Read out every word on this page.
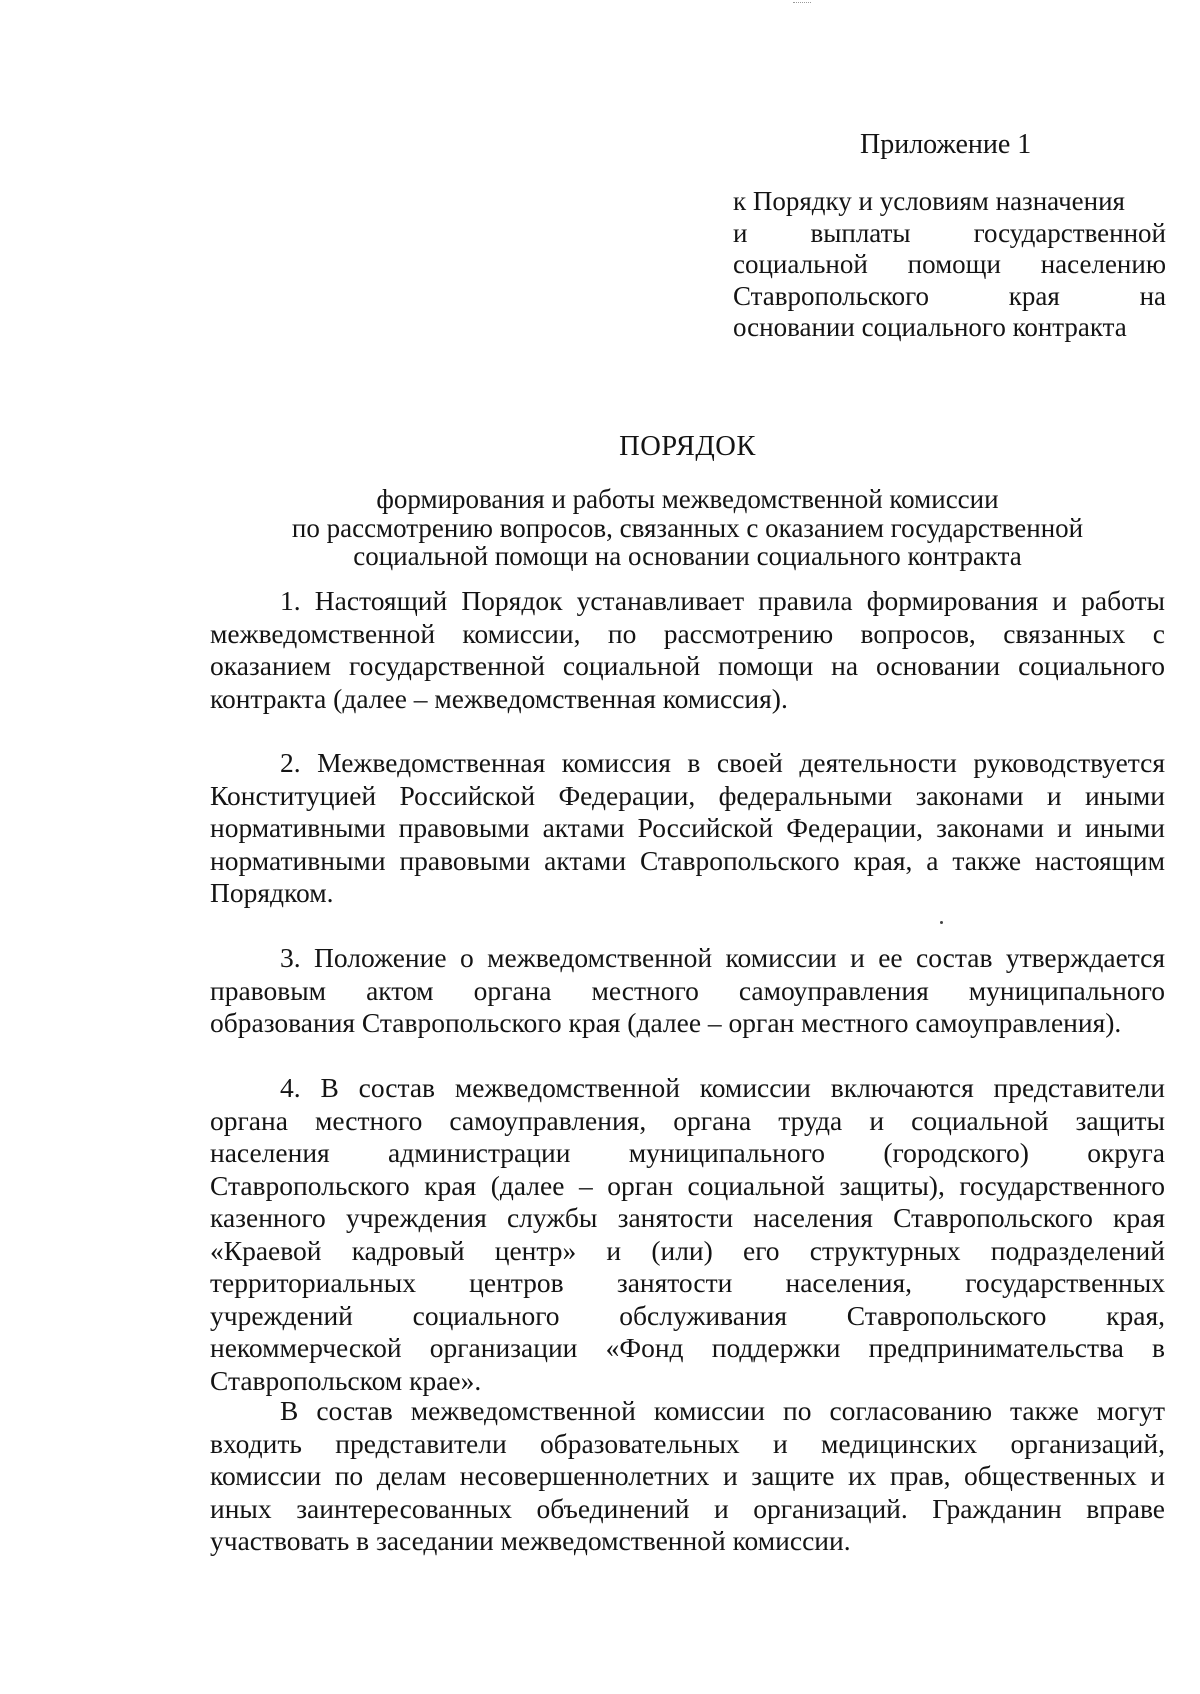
Приложение 1
к Порядку и условиям назначения
и выплаты государственной
социальной помощи населению
Ставропольского края на
основании социального контракта
ПОРЯДОК
формирования и работы межведомственной комиссии
по рассмотрению вопросов, связанных с оказанием государственной
социальной помощи на основании социального контракта
1. Настоящий Порядок устанавливает правила формирования и работы
межведомственной комиссии, по рассмотрению вопросов, связанных с
оказанием государственной социальной помощи на основании социального
контракта (далее – межведомственная комиссия).
2. Межведомственная комиссия в своей деятельности руководствуется
Конституцией Российской Федерации, федеральными законами и иными
нормативными правовыми актами Российской Федерации, законами и иными
нормативными правовыми актами Ставропольского края, а также настоящим
Порядком.
3. Положение о межведомственной комиссии и ее состав утверждается
правовым актом органа местного самоуправления муниципального
образования Ставропольского края (далее – орган местного самоуправления).
4. В состав межведомственной комиссии включаются представители
органа местного самоуправления, органа труда и социальной защиты
населения администрации муниципального (городского) округа
Ставропольского края (далее – орган социальной защиты), государственного
казенного учреждения службы занятости населения Ставропольского края
«Краевой кадровый центр» и (или) его структурных подразделений
территориальных центров занятости населения, государственных
учреждений социального обслуживания Ставропольского края,
некоммерческой организации «Фонд поддержки предпринимательства в
Ставропольском крае».
В состав межведомственной комиссии по согласованию также могут
входить представители образовательных и медицинских организаций,
комиссии по делам несовершеннолетних и защите их прав, общественных и
иных заинтересованных объединений и организаций. Гражданин вправе
участвовать в заседании межведомственной комиссии.
